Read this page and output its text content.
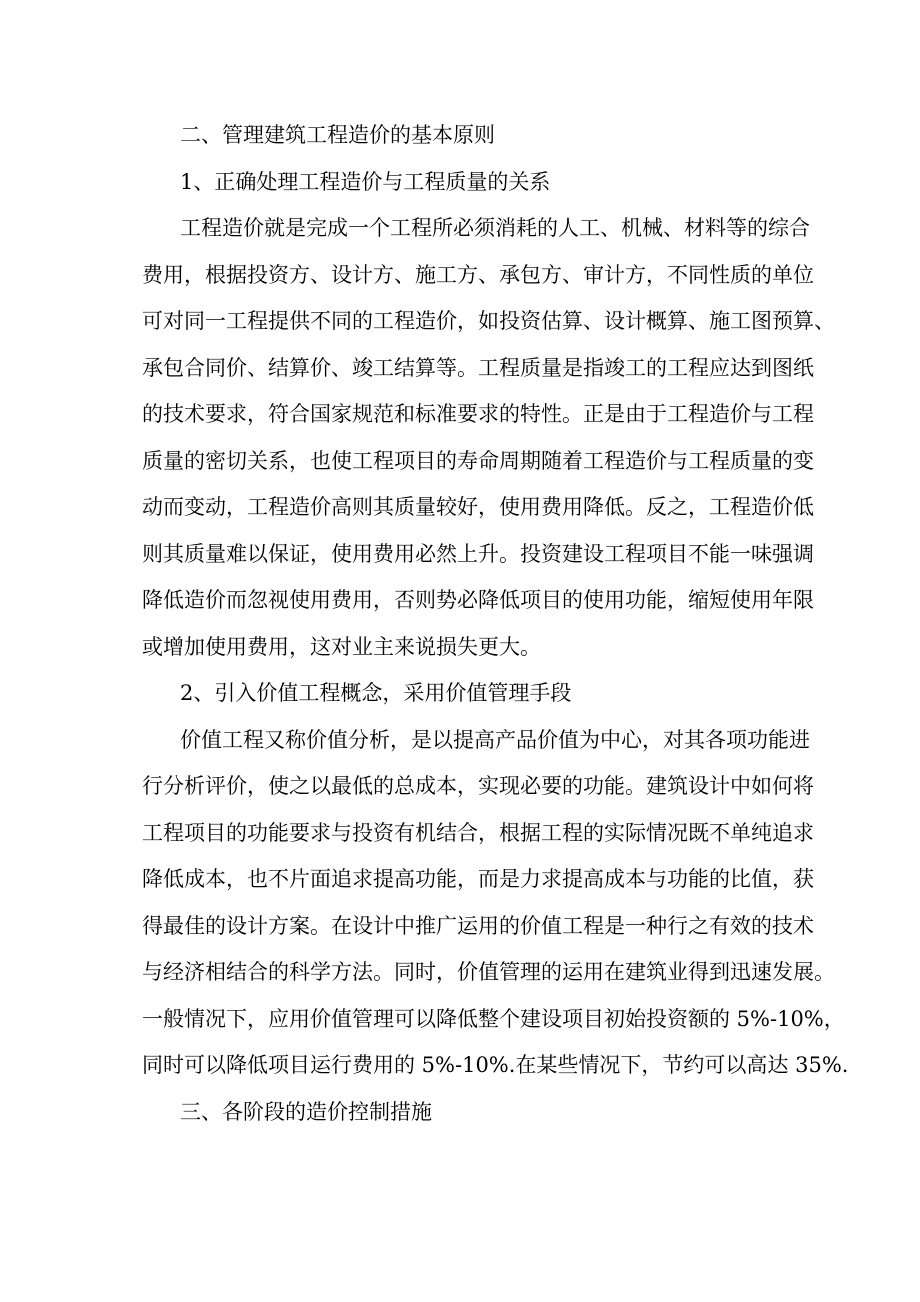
二、管理建筑工程造价的基本原则
1、正确处理工程造价与工程质量的关系
工程造价就是完成一个工程所必须消耗的人工、机械、材料等的综合
费用，根据投资方、设计方、施工方、承包方、审计方，不同性质的单位
可对同一工程提供不同的工程造价，如投资估算、设计概算、施工图预算、
承包合同价、结算价、竣工结算等。工程质量是指竣工的工程应达到图纸
的技术要求，符合国家规范和标准要求的特性。正是由于工程造价与工程
质量的密切关系，也使工程项目的寿命周期随着工程造价与工程质量的变
动而变动，工程造价高则其质量较好，使用费用降低。反之，工程造价低
则其质量难以保证，使用费用必然上升。投资建设工程项目不能一味强调
降低造价而忽视使用费用，否则势必降低项目的使用功能，缩短使用年限
或增加使用费用，这对业主来说损失更大。
2、引入价值工程概念，采用价值管理手段
价值工程又称价值分析，是以提高产品价值为中心，对其各项功能进
行分析评价，使之以最低的总成本，实现必要的功能。建筑设计中如何将
工程项目的功能要求与投资有机结合，根据工程的实际情况既不单纯追求
降低成本，也不片面追求提高功能，而是力求提高成本与功能的比值，获
得最佳的设计方案。在设计中推广运用的价值工程是一种行之有效的技术
与经济相结合的科学方法。同时，价值管理的运用在建筑业得到迅速发展。
一般情况下，应用价值管理可以降低整个建设项目初始投资额的 5%-10%，
同时可以降低项目运行费用的 5%-10%.在某些情况下，节约可以高达 35%.
三、各阶段的造价控制措施
